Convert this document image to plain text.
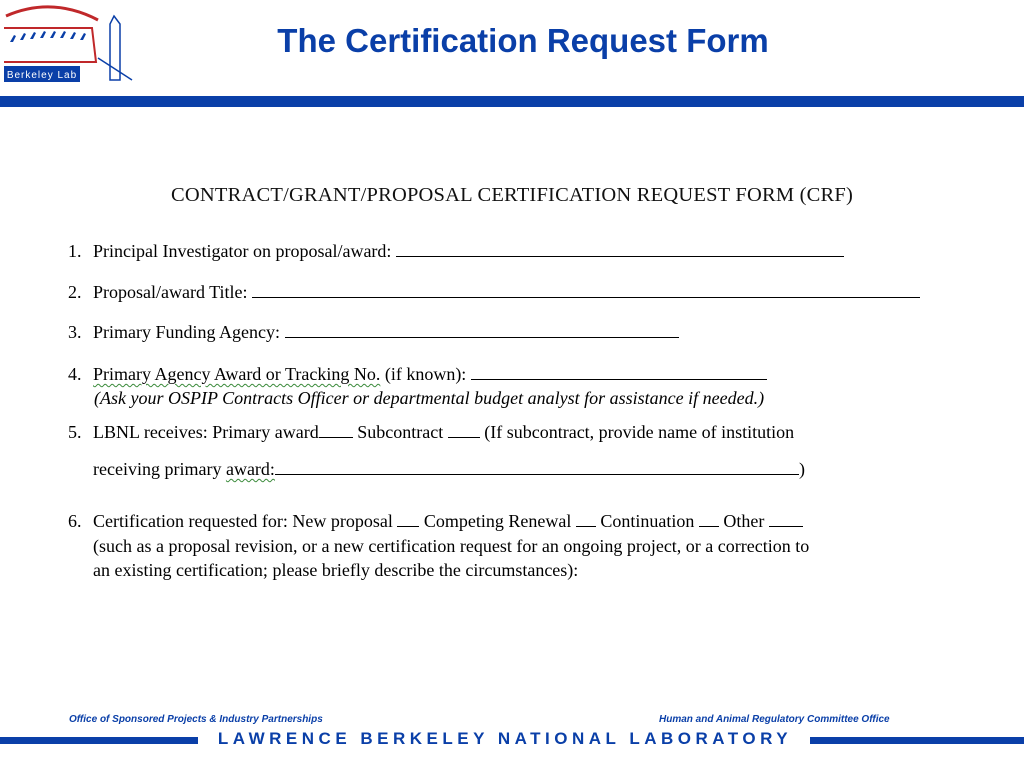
Berkeley Lab
The Certification Request Form
CONTRACT/GRANT/PROPOSAL CERTIFICATION REQUEST FORM (CRF)
1. Principal Investigator on proposal/award:
2. Proposal/award Title:
3. Primary Funding Agency:
4. Primary Agency Award or Tracking No. (if known):
(Ask your OSPIP Contracts Officer or departmental budget analyst for assistance if needed.)
5. LBNL receives: Primary award Subcontract  (If subcontract, provide name of institution
receiving primary award:	)
6. Certification requested for: New proposal  Competing Renewal  Continuation  Other
(such as a proposal revision, or a new certification request for an ongoing project, or a correction to
an existing certification; please briefly describe the circumstances):
Office of Sponsored Projects & Industry Partnerships	Human and Animal Regulatory Committee Office
LAWRENCE BERKELEY NATIONAL LABORATORY
